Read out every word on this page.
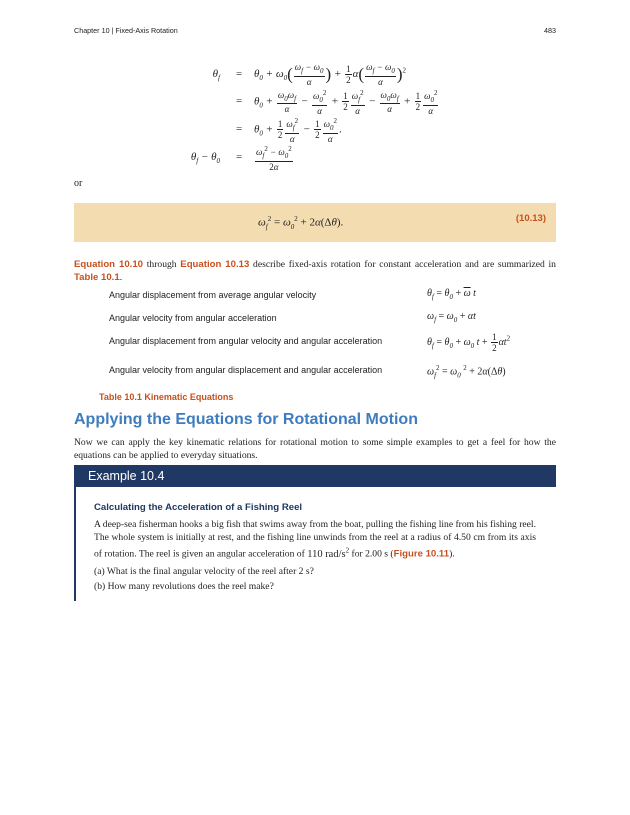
Chapter 10 | Fixed-Axis Rotation	483
$\theta_f = \theta_0 + \omega_0( \frac{\omega_f - \omega_0}{\alpha}$ ) + $\frac{1}{2} \alpha( \frac{\omega_f - \omega_0}{\alpha} )^2$
= $\theta_0 + \frac{\omega_0\omega_f}{\alpha} - \frac{\omega_0^2}{\alpha} + \frac{1}{2} \frac{\omega_f^2}{\alpha} - \frac{\omega_0\omega_f}{\alpha} + \frac{1}{2} \frac{\omega_0^2}{\alpha}$
= $\theta_0 + \frac{1}{2} \frac{\omega_f^2}{\alpha} - \frac{1}{2} \frac{\omega_0^2}{\alpha}$ .
$\theta_f - \theta_0 = \frac{\omega_f^2 - \omega_0^2}{2\alpha}$
or
$\omega_f^2 = \omega_0^2 + 2\alpha(\Delta\theta)$.	(10.13)
Equation 10.10 through Equation 10.13 describe fixed-axis rotation for constant acceleration and are summarized in Table 10.1.
Angular displacement from average angular velocity	$\theta_f = \theta_0 + \overline{\omega}$ t
Angular velocity from angular acceleration	$\omega_f = \omega_0 + \alpha t$
Angular displacement from angular velocity and angular acceleration	$\theta_f = \theta_0 + \omega_0$ $t + \frac{1}{2} \alpha t^2$
Angular velocity from angular displacement and angular acceleration	$\omega_f^2 = \omega_0$ $^2$ + 2α(Δθ)
Table 10.1 Kinematic Equations
Applying the Equations for Rotational Motion
Now we can apply the key kinematic relations for rotational motion to some simple examples to get a feel for how the equations can be applied to everyday situations.
Example 10.4
Calculating the Acceleration of a Fishing Reel
A deep-sea fisherman hooks a big fish that swims away from the boat, pulling the fishing line from his fishing reel. The whole system is initially at rest, and the fishing line unwinds from the reel at a radius of 4.50 cm from its axis of rotation. The reel is given an angular acceleration of 110 rad/$s^2$ for 2.00 s (Figure 10.11).
(a) What is the final angular velocity of the reel after 2 s?
(b) How many revolutions does the reel make?
